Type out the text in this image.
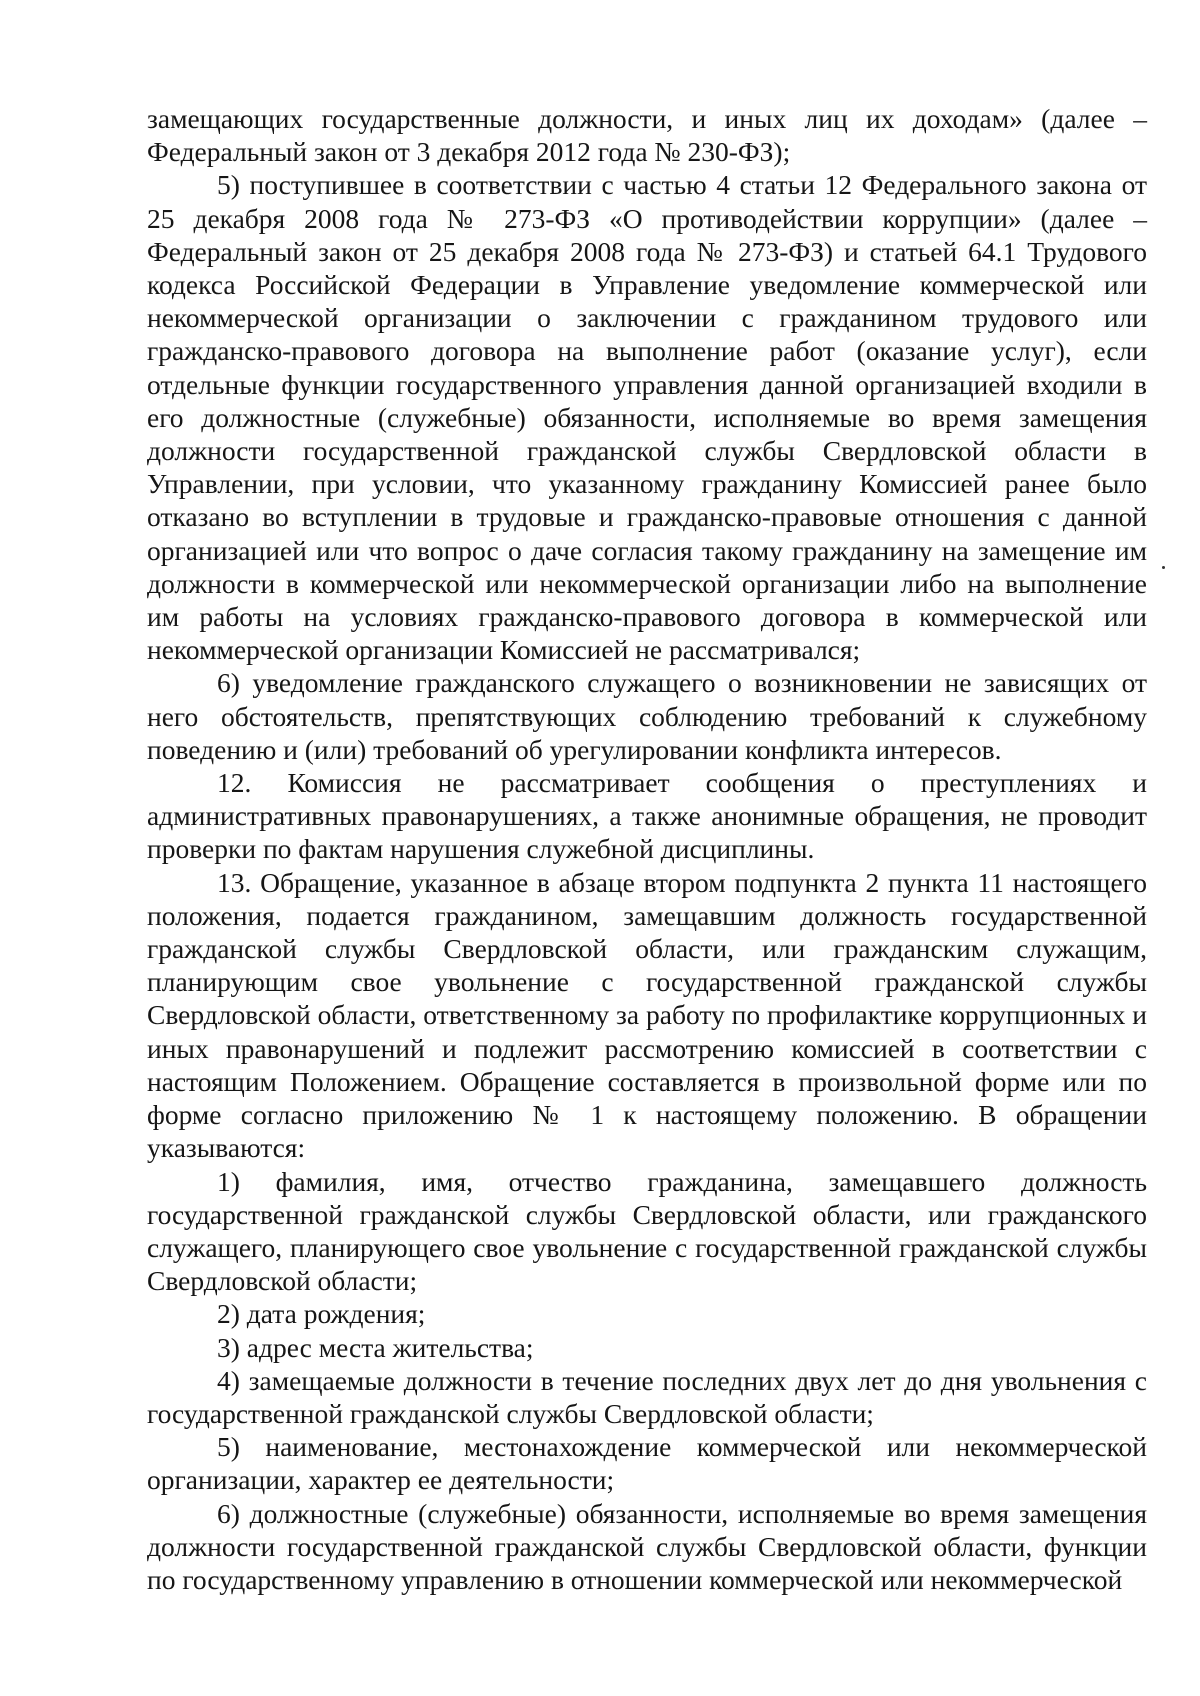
замещающих государственные должности, и иных лиц их доходам» (далее – Федеральный закон от 3 декабря 2012 года № 230-ФЗ);

5) поступившее в соответствии с частью 4 статьи 12 Федерального закона от 25 декабря 2008 года № 273-ФЗ «О противодействии коррупции» (далее – Федеральный закон от 25 декабря 2008 года № 273-ФЗ) и статьей 64.1 Трудового кодекса Российской Федерации в Управление уведомление коммерческой или некоммерческой организации о заключении с гражданином трудового или гражданско-правового договора на выполнение работ (оказание услуг), если отдельные функции государственного управления данной организацией входили в его должностные (служебные) обязанности, исполняемые во время замещения должности государственной гражданской службы Свердловской области в Управлении, при условии, что указанному гражданину Комиссией ранее было отказано во вступлении в трудовые и гражданско-правовые отношения с данной организацией или что вопрос о даче согласия такому гражданину на замещение им должности в коммерческой или некоммерческой организации либо на выполнение им работы на условиях гражданско-правового договора в коммерческой или некоммерческой организации Комиссией не рассматривался;

6) уведомление гражданского служащего о возникновении не зависящих от него обстоятельств, препятствующих соблюдению требований к служебному поведению и (или) требований об урегулировании конфликта интересов.

12. Комиссия не рассматривает сообщения о преступлениях и административных правонарушениях, а также анонимные обращения, не проводит проверки по фактам нарушения служебной дисциплины.

13. Обращение, указанное в абзаце втором подпункта 2 пункта 11 настоящего положения, подается гражданином, замещавшим должность государственной гражданской службы Свердловской области, или гражданским служащим, планирующим свое увольнение с государственной гражданской службы Свердловской области, ответственному за работу по профилактике коррупционных и иных правонарушений и подлежит рассмотрению комиссией в соответствии с настоящим Положением. Обращение составляется в произвольной форме или по форме согласно приложению № 1 к настоящему положению. В обращении указываются:

1) фамилия, имя, отчество гражданина, замещавшего должность государственной гражданской службы Свердловской области, или гражданского служащего, планирующего свое увольнение с государственной гражданской службы Свердловской области;

2) дата рождения;

3) адрес места жительства;

4) замещаемые должности в течение последних двух лет до дня увольнения с государственной гражданской службы Свердловской области;

5) наименование, местонахождение коммерческой или некоммерческой организации, характер ее деятельности;

6) должностные (служебные) обязанности, исполняемые во время замещения должности государственной гражданской службы Свердловской области, функции по государственному управлению в отношении коммерческой или некоммерческой
